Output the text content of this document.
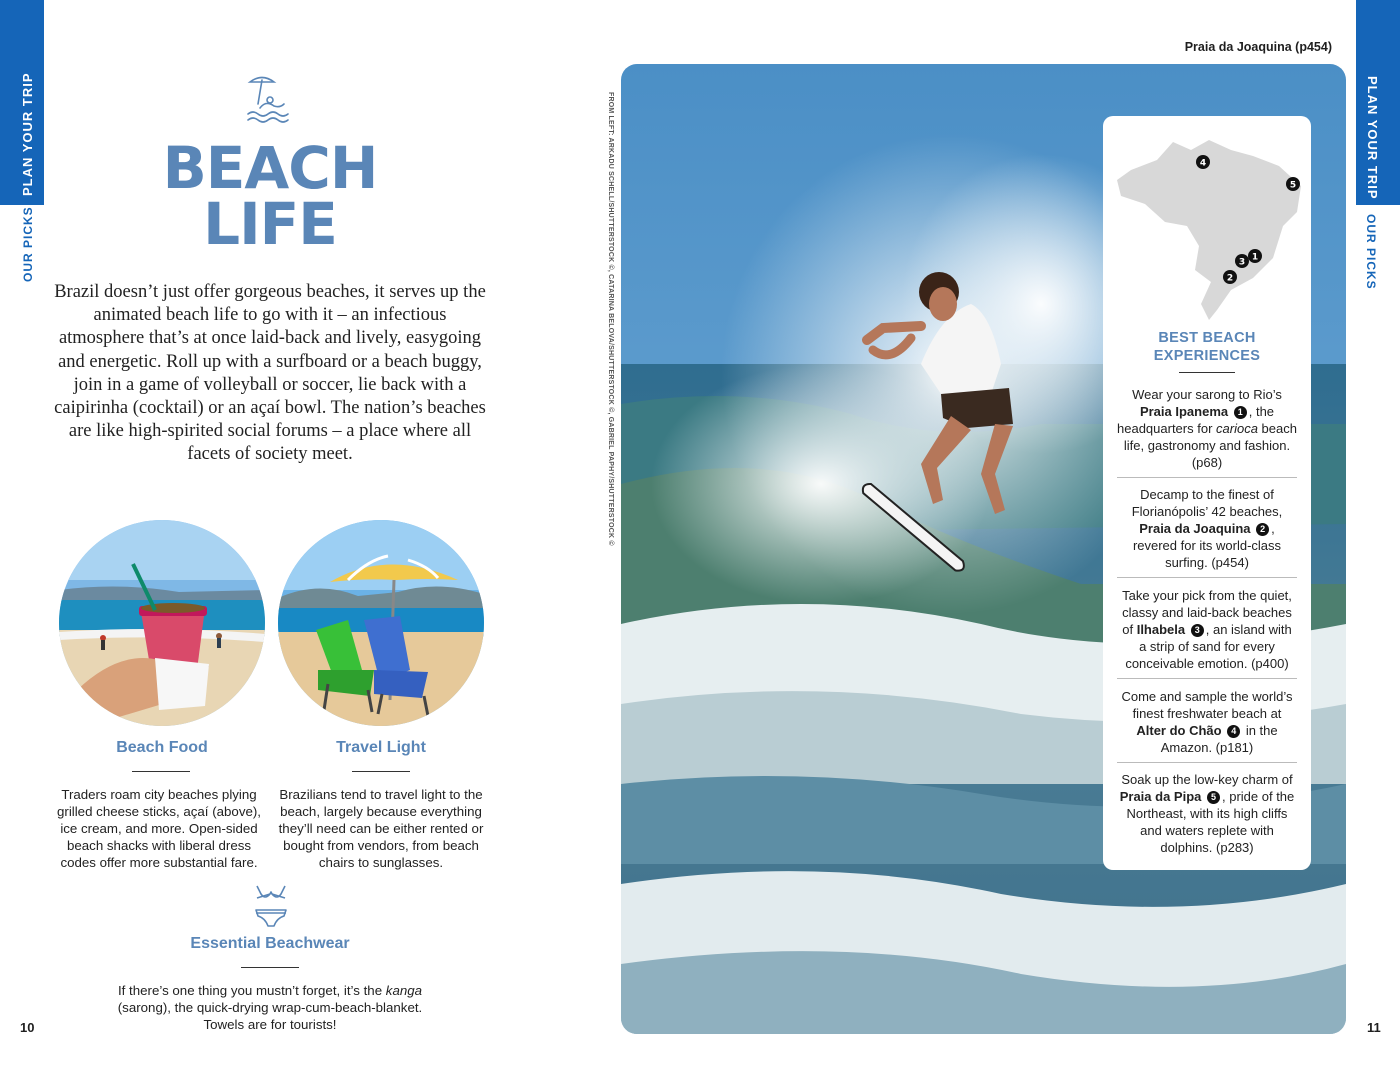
PLAN YOUR TRIP
OUR PICKS
BEACH
LIFE
Brazil doesn’t just offer gorgeous beaches, it serves up the animated beach life to go with it – an infectious atmosphere that’s at once laid-back and lively, easygoing and energetic. Roll up with a surfboard or a beach buggy, join in a game of volleyball or soccer, lie back with a caipirinha (cocktail) or an açaí bowl. The nation’s beaches are like high-spirited social forums – a place where all facets of society meet.
Beach Food
Traders roam city beaches plying grilled cheese sticks, açaí (above), ice cream, and more. Open-sided beach shacks with liberal dress codes offer more substantial fare.
Travel Light
Brazilians tend to travel light to the beach, largely because everything they’ll need can be either rented or bought from vendors, from beach chairs to sunglasses.
Essential Beachwear
If there’s one thing you mustn’t forget, it’s the kanga (sarong), the quick-drying wrap-cum-beach-blanket. Towels are for tourists!
10
FROM LEFT: ARKADU SCHELL/SHUTTERSTOCK ©, CATARINA BELOVA/SHUTTERSTOCK ©, GABRIEL PAPHY/SHUTTERSTOCK ©
Praia da Joaquina (p454)
4
5
1
3
2
BEST BEACH
EXPERIENCES
Wear your sarong to Rio’s Praia Ipanema 1 , the headquarters for carioca beach life, gastronomy and fashion. (p68)
Decamp to the finest of Florianópolis’ 42 beaches, Praia da Joaquina 2 , revered for its world-class surfing. (p454)
Take your pick from the quiet, classy and laid-back beaches of Ilhabela 3 , an island with a strip of sand for every conceivable emotion. (p400)
Come and sample the world’s finest freshwater beach at Alter do Chão 4 in the Amazon. (p181)
Soak up the low-key charm of Praia da Pipa 5 , pride of the Northeast, with its high cliffs and waters replete with dolphins. (p283)
PLAN YOUR TRIP
OUR PICKS
11
